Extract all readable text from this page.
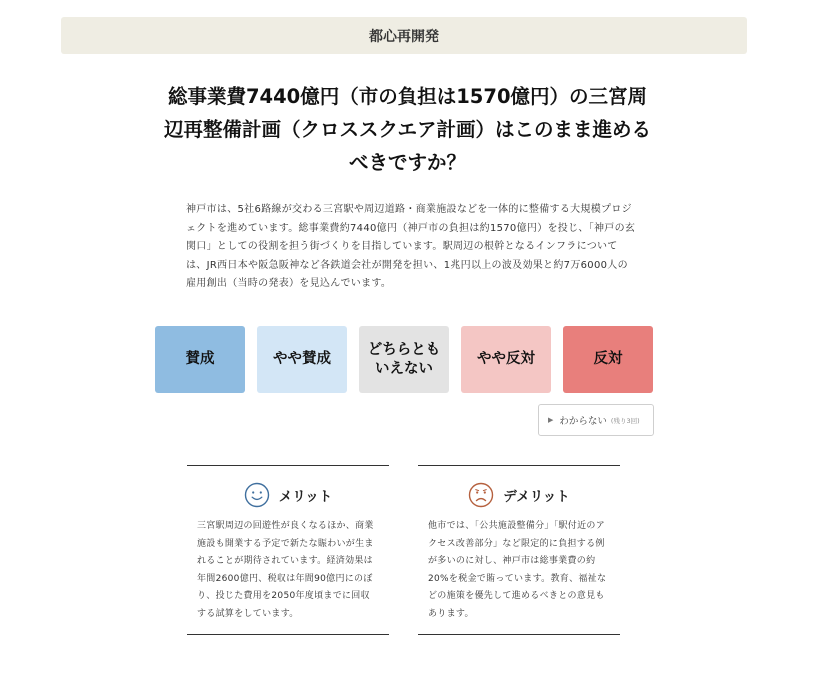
都心再開発
総事業費7440億円（市の負担は1570億円）の三宮周
辺再整備計画（クロススクエア計画）はこのまま進める
べきですか？
神戸市は、5社6路線が交わる三宮駅や周辺道路・商業施設などを一体的に整備する大規模プロジェクトを進めています。総事業費約7440億円（神戸市の負担は約1570億円）を投じ、「神戸の玄関口」としての役割を担う街づくりを目指しています。駅周辺の根幹となるインフラについては、JR西日本や阪急阪神など各鉄道会社が開発を担い、1兆円以上の波及効果と約7万6000人の雇用創出（当時の発表）を見込んでいます。
賛成	やや賛成
どちらともいえない
やや反対	反対
▶ わからない (残り3回)
メリット
三宮駅周辺の回遊性が良くなるほか、商業施設も開業する予定で新たな賑わいが生まれることが期待されています。経済効果は年間2600億円、税収は年間90億円にのぼり、投じた費用を2050年度頃までに回収する試算をしています。
デメリット
他市では、「公共施設整備分」「駅付近のアクセス改善部分」など限定的に負担する例が多いのに対し、神戸市は総事業費の約20%を税金で賄っています。教育、福祉などの施策を優先して進めるべきとの意見もあります。
